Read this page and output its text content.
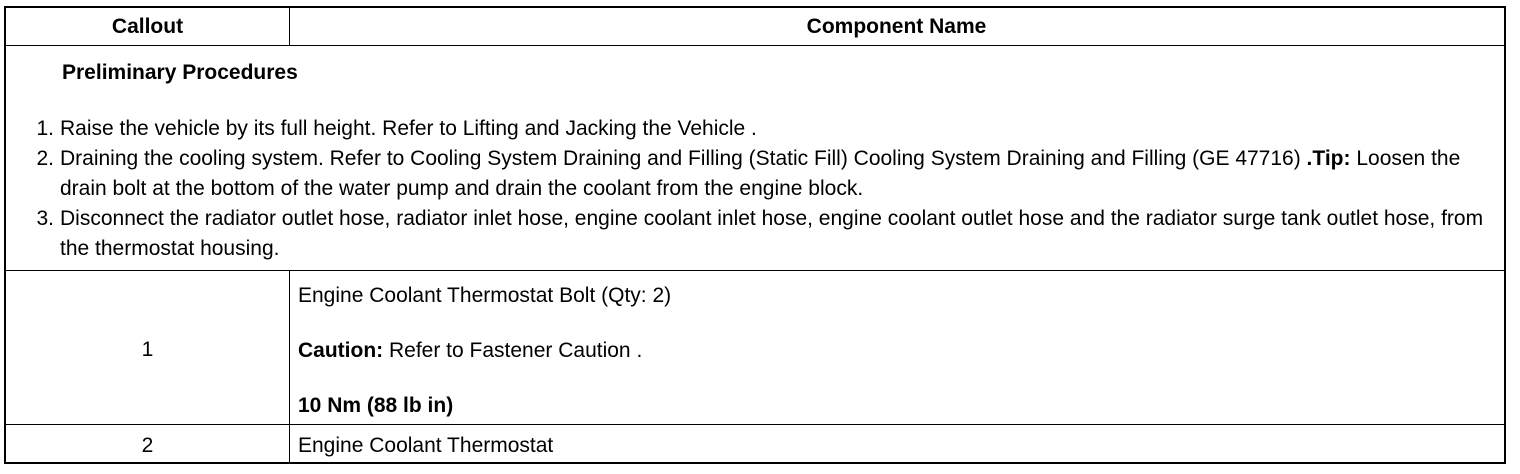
Callout	Component Name
Preliminary Procedures
1. Raise the vehicle by its full height. Refer to Lifting and Jacking the Vehicle .
2. Draining the cooling system. Refer to Cooling System Draining and Filling (Static Fill) Cooling System Draining and Filling (GE 47716) .Tip: Loosen the drain bolt at the bottom of the water pump and drain the coolant from the engine block.
3. Disconnect the radiator outlet hose, radiator inlet hose, engine coolant inlet hose, engine coolant outlet hose and the radiator surge tank outlet hose, from the thermostat housing.
1
Engine Coolant Thermostat Bolt (Qty: 2)
Caution: Refer to Fastener Caution .
10 Nm (88 lb in)
2	Engine Coolant Thermostat
